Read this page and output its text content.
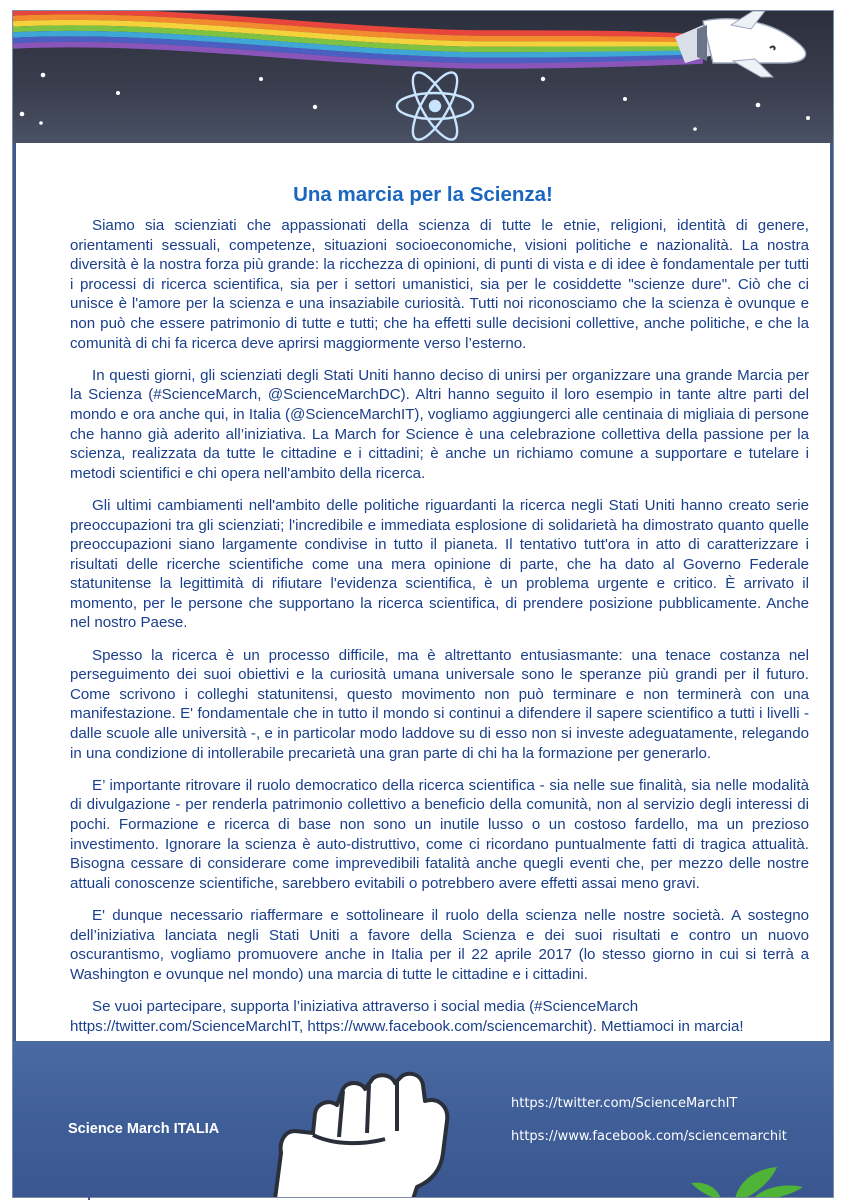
Una marcia per la Scienza!

Siamo sia scienziati che appassionati della scienza di tutte le etnie, religioni, identità di genere, orientamenti sessuali, competenze, situazioni socioeconomiche, visioni politiche e nazionalità. La nostra diversità è la nostra forza più grande: la ricchezza di opinioni, di punti di vista e di idee è fondamentale per tutti i processi di ricerca scientifica, sia per i settori umanistici, sia per le cosiddette "scienze dure". Ciò che ci unisce è l'amore per la scienza e una insaziabile curiosità. Tutti noi riconosciamo che la scienza è ovunque e non può che essere patrimonio di tutte e tutti; che ha effetti sulle decisioni collettive, anche politiche, e che la comunità di chi fa ricerca deve aprirsi maggiormente verso l’esterno.

In questi giorni, gli scienziati degli Stati Uniti hanno deciso di unirsi per organizzare una grande Marcia per la Scienza (#ScienceMarch, @ScienceMarchDC). Altri hanno seguito il loro esempio in tante altre parti del mondo e ora anche qui, in Italia (@ScienceMarchIT), vogliamo aggiungerci alle centinaia di migliaia di persone che hanno già aderito all’iniziativa. La March for Science è una celebrazione collettiva della passione per la scienza, realizzata da tutte le cittadine e i cittadini; è anche un richiamo comune a supportare e tutelare i metodi scientifici e chi opera nell'ambito della ricerca.

Gli ultimi cambiamenti nell'ambito delle politiche riguardanti la ricerca negli Stati Uniti hanno creato serie preoccupazioni tra gli scienziati; l'incredibile e immediata esplosione di solidarietà ha dimostrato quanto quelle preoccupazioni siano largamente condivise in tutto il pianeta. Il tentativo tutt'ora in atto di caratterizzare i risultati delle ricerche scientifiche come una mera opinione di parte, che ha dato al Governo Federale statunitense la legittimità di rifiutare l'evidenza scientifica, è un problema urgente e critico. È arrivato il momento, per le persone che supportano la ricerca scientifica, di prendere posizione pubblicamente. Anche nel nostro Paese.

Spesso la ricerca è un processo difficile, ma è altrettanto entusiasmante: una tenace costanza nel perseguimento dei suoi obiettivi e la curiosità umana universale sono le speranze più grandi per il futuro. Come scrivono i colleghi statunitensi, questo movimento non può terminare e non terminerà con una manifestazione. E' fondamentale che in tutto il mondo si continui a difendere il sapere scientifico a tutti i livelli - dalle scuole alle università -, e in particolar modo laddove su di esso non si investe adeguatamente, relegando in una condizione di intollerabile precarietà una gran parte di chi ha la formazione per generarlo.

E’ importante ritrovare il ruolo democratico della ricerca scientifica - sia nelle sue finalità, sia nelle modalità di divulgazione - per renderla patrimonio collettivo a beneficio della comunità, non al servizio degli interessi di pochi. Formazione e ricerca di base non sono un inutile lusso o un costoso fardello, ma un prezioso investimento. Ignorare la scienza è auto-distruttivo, come ci ricordano puntualmente fatti di tragica attualità. Bisogna cessare di considerare come imprevedibili fatalità anche quegli eventi che, per mezzo delle nostre attuali conoscenze scientifiche, sarebbero evitabili o potrebbero avere effetti assai meno gravi.

E' dunque necessario riaffermare e sottolineare il ruolo della scienza nelle nostre società. A sostegno dell’iniziativa lanciata negli Stati Uniti a favore della Scienza e dei suoi risultati e contro un nuovo oscurantismo, vogliamo promuovere anche in Italia per il 22 aprile 2017 (lo stesso giorno in cui si terrà a Washington e ovunque nel mondo) una marcia di tutte le cittadine e i cittadini.

Se vuoi partecipare, supporta l’iniziativa attraverso i social media (#ScienceMarch https://twitter.com/ScienceMarchIT, https://www.facebook.com/sciencemarchit). Mettiamoci in marcia!

Science March ITALIA
https://twitter.com/ScienceMarchIT
https://www.facebook.com/sciencemarchit
